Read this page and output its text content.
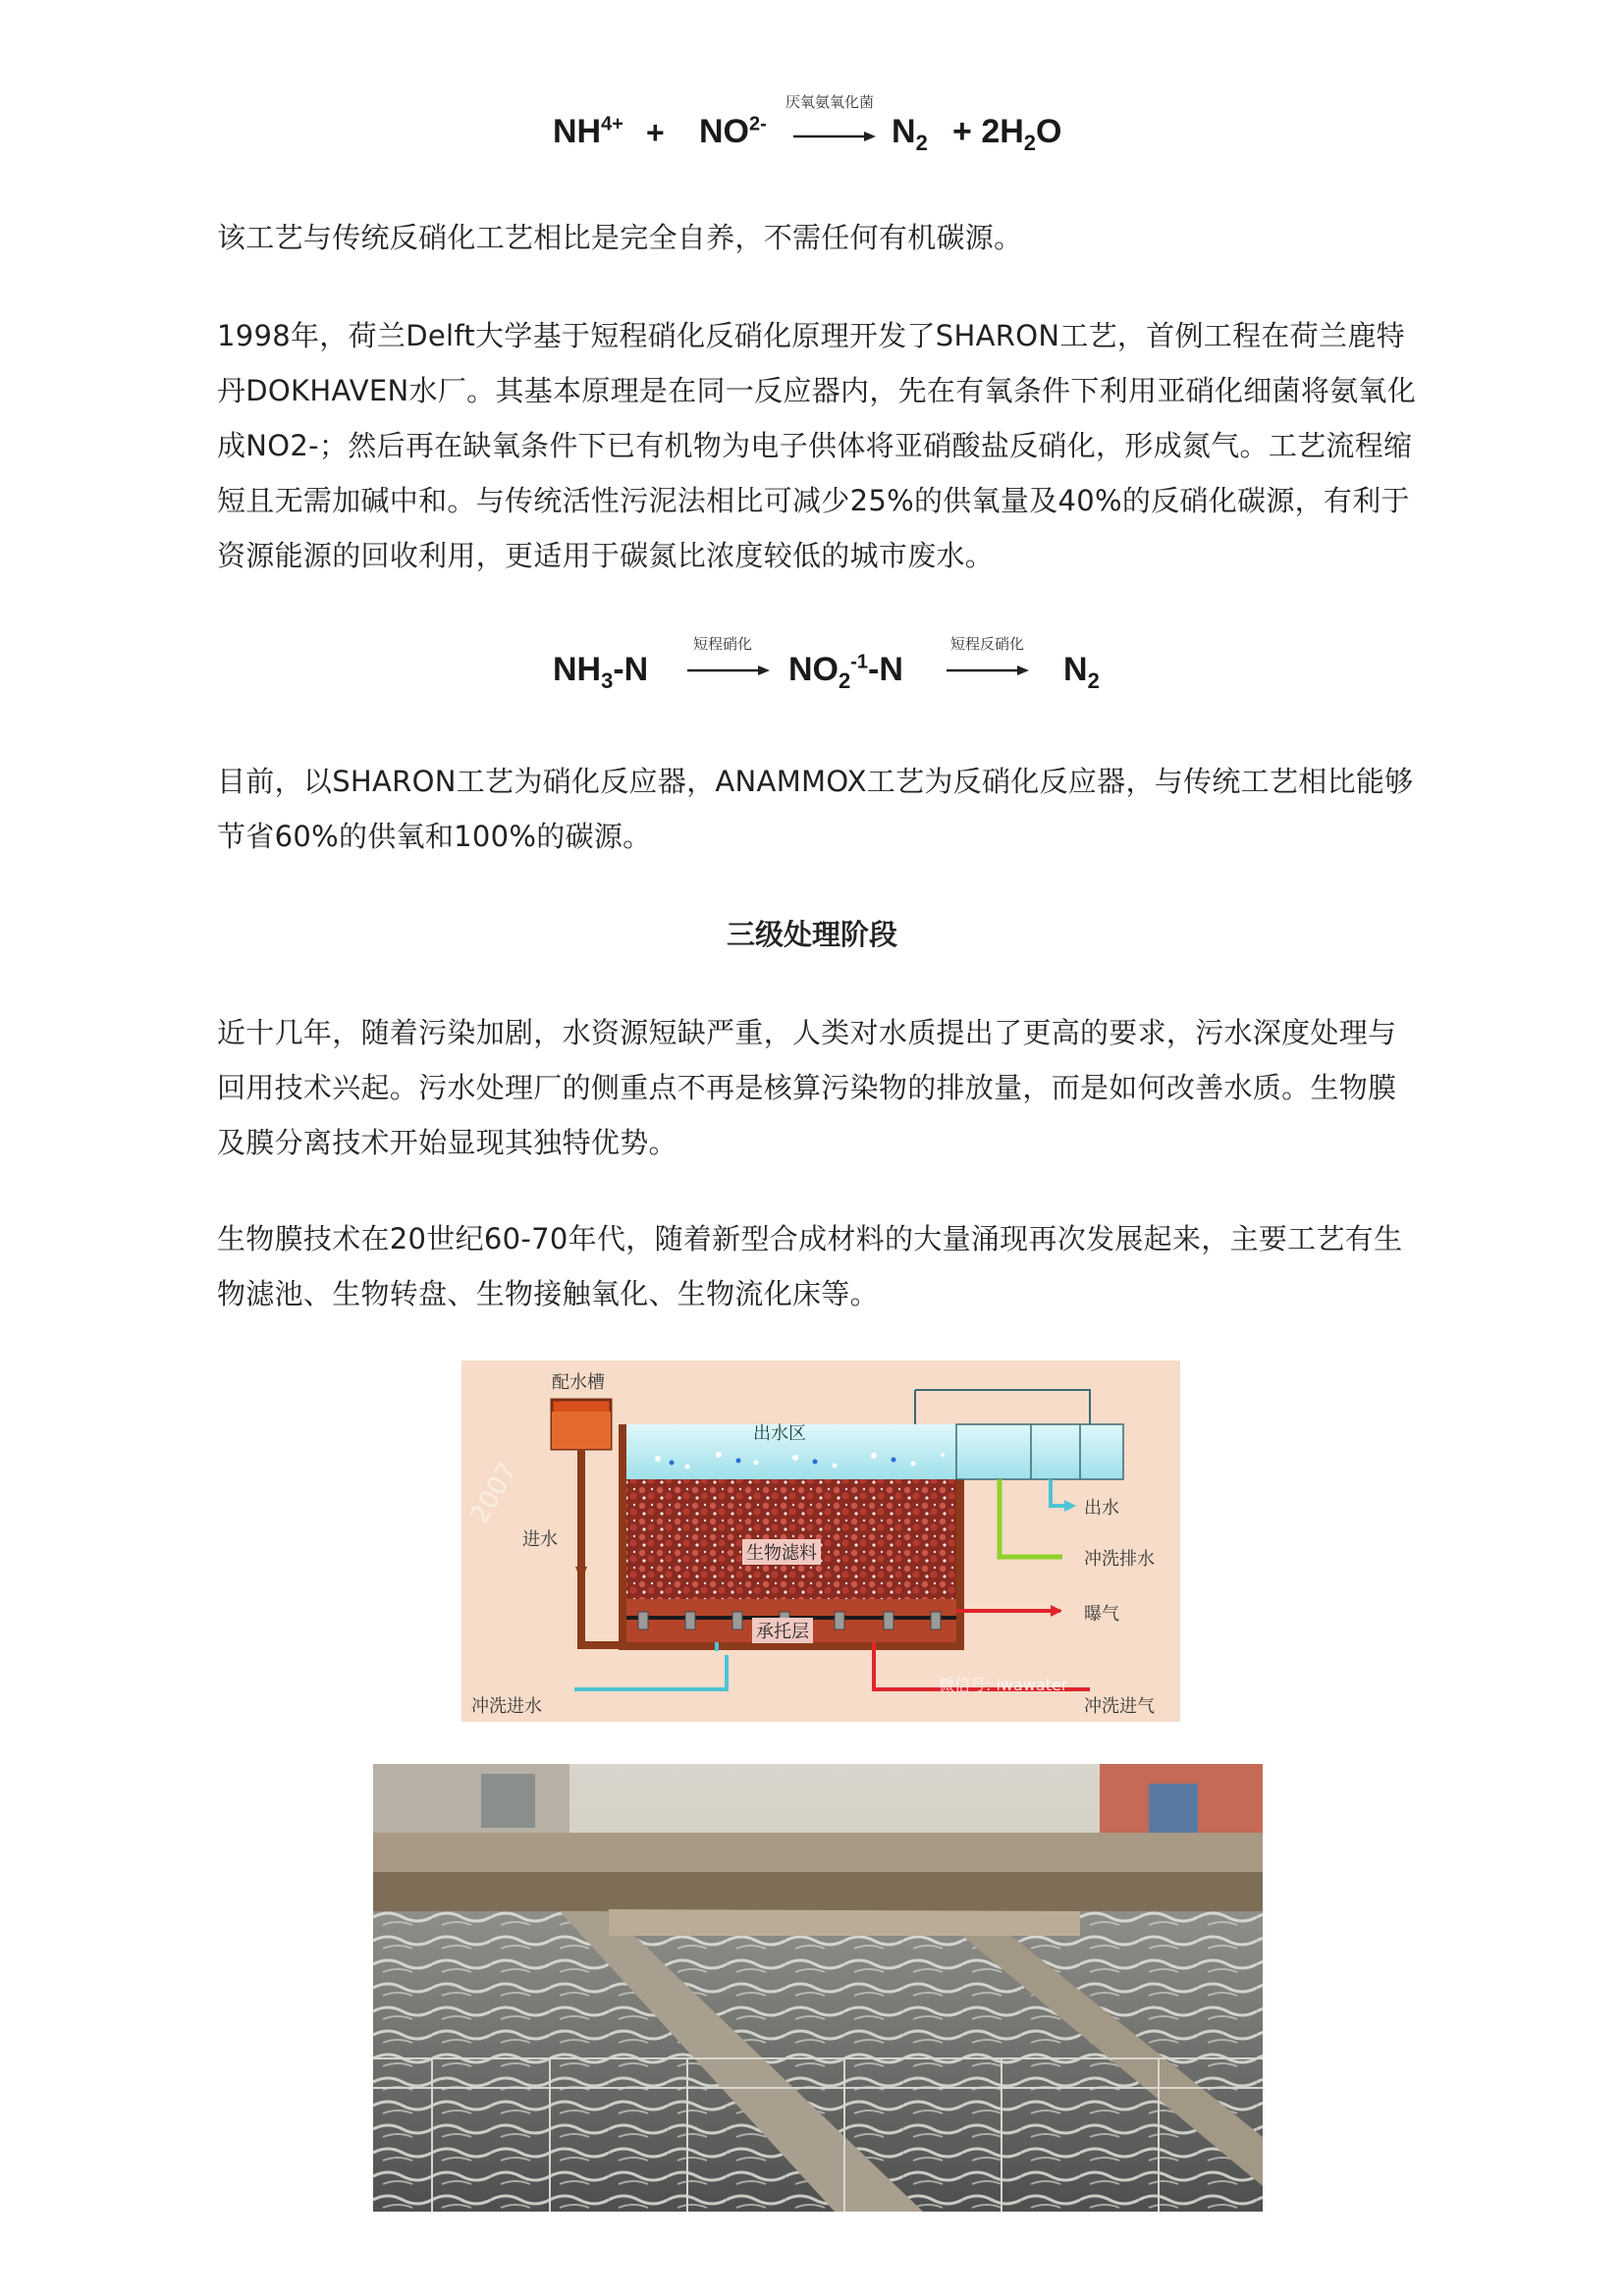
$NH^{4+} + NO^{2-}$
厌氧氨氧化菌
$N_2 + 2H_2O$

该工艺与传统反硝化工艺相比是完全自养，不需任何有机碳源。

1998年，荷兰Delft大学基于短程硝化反硝化原理开发了SHARON工艺，首例工程在荷兰鹿特丹DOKHAVEN水厂。其基本原理是在同一反应器内，先在有氧条件下利用亚硝化细菌将氨氧化成NO2-；然后再在缺氧条件下已有机物为电子供体将亚硝酸盐反硝化，形成氮气。工艺流程缩短且无需加碱中和。与传统活性污泥法相比可减少25%的供氧量及40%的反硝化碳源，有利于资源能源的回收利用，更适用于碳氮比浓度较低的城市废水。

$NH_3-N$
短程硝化
$NO_2^{-1}-N$
短程反硝化
$N_2$

目前，以SHARON工艺为硝化反应器，ANAMMOX工艺为反硝化反应器，与传统工艺相比能够节省60%的供氧和100%的碳源。

三级处理阶段

近十几年，随着污染加剧，水资源短缺严重，人类对水质提出了更高的要求，污水深度处理与回用技术兴起。污水处理厂的侧重点不再是核算污染物的排放量，而是如何改善水质。生物膜及膜分离技术开始显现其独特优势。

生物膜技术在20世纪60-70年代，随着新型合成材料的大量涌现再次发展起来，主要工艺有生物滤池、生物转盘、生物接触氧化、生物流化床等。

配水槽
出水区
进水
生物滤料
承托层
出水
冲洗排水
曝气
冲洗进水	冲洗进气
微信号: iwawater
2007
